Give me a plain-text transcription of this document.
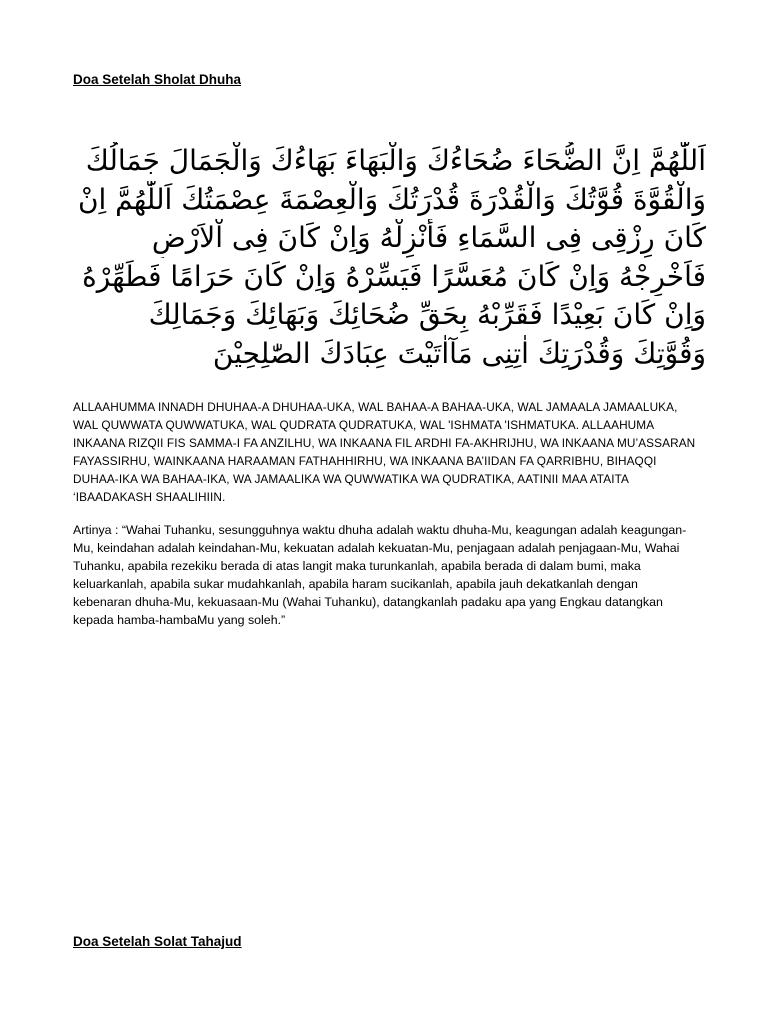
Doa Setelah Sholat Dhuha
اَللّٰهُمَّ اِنَّ الضُّحَاءَ ضُحَاءُكَ وَالْبَهَاءَ بَهَاءُكَ وَالْجَمَالَ جَمَالُكَ
وَالْقُوَّةَ قُوَّتُكَ وَالْقُدْرَةَ قُدْرَتُكَ وَالْعِصْمَةَ عِصْمَتُكَ اَللّٰهُمَّ اِنْ
كَانَ رِزْقِى فِى السَّمَاءِ فَأَنْزِلْهُ وَاِنْ كَانَ فِى اْلاَرْضِ
فَاَخْرِجْهُ وَاِنْ كَانَ مُعَسَّرًا فَيَسِّرْهُ وَاِنْ كَانَ حَرَامًا فَطَهِّرْهُ
وَاِنْ كَانَ بَعِيْدًا فَقَرِّبْهُ بِحَقِّ ضُحَائِكَ وَبَهَائِكَ وَجَمَالِكَ
وَقُوَّتِكَ وَقُدْرَتِكَ اٰتِنِى مَآاٰتَيْتَ عِبَادَكَ الصّٰلِحِيْنَ
ALLAAHUMMA INNADH DHUHAA-A DHUHAA-UKA, WAL BAHAA-A BAHAA-UKA, WAL JAMAALA JAMAALUKA, WAL QUWWATA QUWWATUKA, WAL QUDRATA QUDRATUKA, WAL 'ISHMATA 'ISHMATUKA. ALLAAHUMA INKAANA RIZQII FIS SAMMA-I FA ANZILHU, WA INKAANA FIL ARDHI FA-AKHRIJHU, WA INKAANA MU’ASSARAN FAYASSIRHU, WAINKAANA HARAAMAN FATHAHHIRHU, WA INKAANA BA’IIDAN FA QARRIBHU, BIHAQQI DUHAA-IKA WA BAHAA-IKA, WA JAMAALIKA WA QUWWATIKA WA QUDRATIKA, AATINII MAA ATAITA ‘IBAADAKASH SHAALIHIIN.
Artinya : “Wahai Tuhanku, sesungguhnya waktu dhuha adalah waktu dhuha-Mu, keagungan adalah keagungan-Mu, keindahan adalah keindahan-Mu, kekuatan adalah kekuatan-Mu, penjagaan adalah penjagaan-Mu, Wahai Tuhanku, apabila rezekiku berada di atas langit maka turunkanlah, apabila berada di dalam bumi, maka keluarkanlah, apabila sukar mudahkanlah, apabila haram sucikanlah, apabila jauh dekatkanlah dengan kebenaran dhuha-Mu, kekuasaan-Mu (Wahai Tuhanku), datangkanlah padaku apa yang Engkau datangkan kepada hamba-hambaMu yang soleh.”
Doa Setelah Solat Tahajud
